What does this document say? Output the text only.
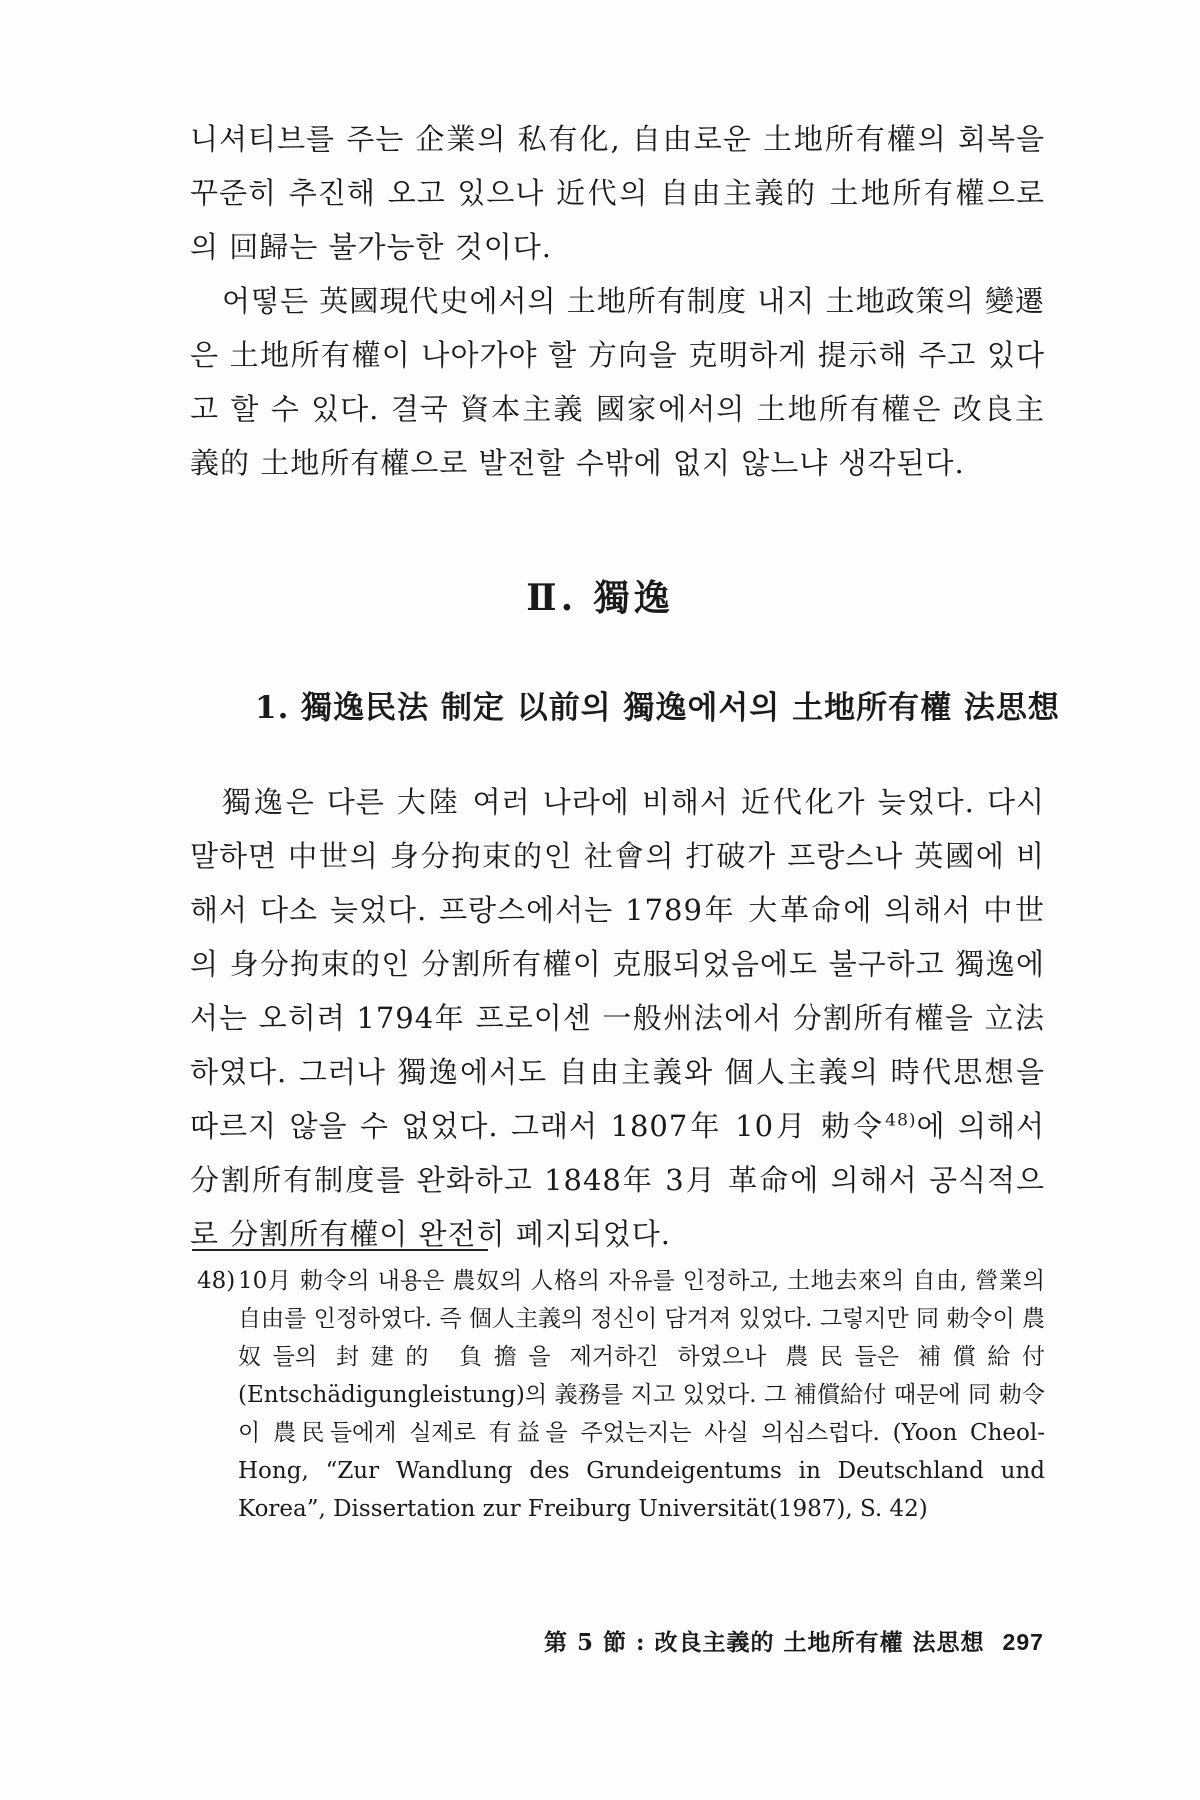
니셔티브를 주는 企業의 私有化, 自由로운 土地所有權의 회복을 꾸준히 추진해 오고 있으나 近代의 自由主義的 土地所有權으로의 回歸는 불가능한 것이다.

어떻든 英國現代史에서의 土地所有制度 내지 土地政策의 變遷은 土地所有權이 나아가야 할 方向을 克明하게 提示해 주고 있다고 할 수 있다. 결국 資本主義 國家에서의 土地所有權은 改良主義的 土地所有權으로 발전할 수밖에 없지 않느냐 생각된다.

Ⅱ. 獨逸
1. 獨逸民法 制定 以前의 獨逸에서의 土地所有權 法思想

獨逸은 다른 大陸 여러 나라에 비해서 近代化가 늦었다. 다시 말하면 中世의 身分拘束的인 社會의 打破가 프랑스나 英國에 비해서 다소 늦었다. 프랑스에서는 1789年 大革命에 의해서 中世의 身分拘束的인 分割所有權이 克服되었음에도 불구하고 獨逸에서는 오히려 1794年 프로이센 一般州法에서 分割所有權을 立法하였다. 그러나 獨逸에서도 自由主義와 個人主義의 時代思想을 따르지 않을 수 없었다. 그래서 1807年 10月 勅令$^{48)}$에 의해서 分割所有制度를 완화하고 1848年 3月 革命에 의해서 공식적으로 分割所有權이 완전히 폐지되었다.

48) 10月 勅令의 내용은 農奴의 人格의 자유를 인정하고, 土地去來의 自由, 營業의 自由를 인정하였다. 즉 個人主義의 정신이 담겨져 있었다. 그렇지만 同 勅令이 農奴들의 封建的 負擔을 제거하긴 하였으나 農民들은 補償給付(Entschädigungleistung)의 義務를 지고 있었다. 그 補償給付 때문에 同 勅令이 農民들에게 실제로 有益을 주었는지는 사실 의심스럽다. (Yoon Cheol-Hong, “Zur Wandlung des Grundeigentums in Deutschland und Korea”, Dissertation zur Freiburg Universität(1987), S. 42)
第 5 節 : 改良主義的 土地所有權 法思想 297
